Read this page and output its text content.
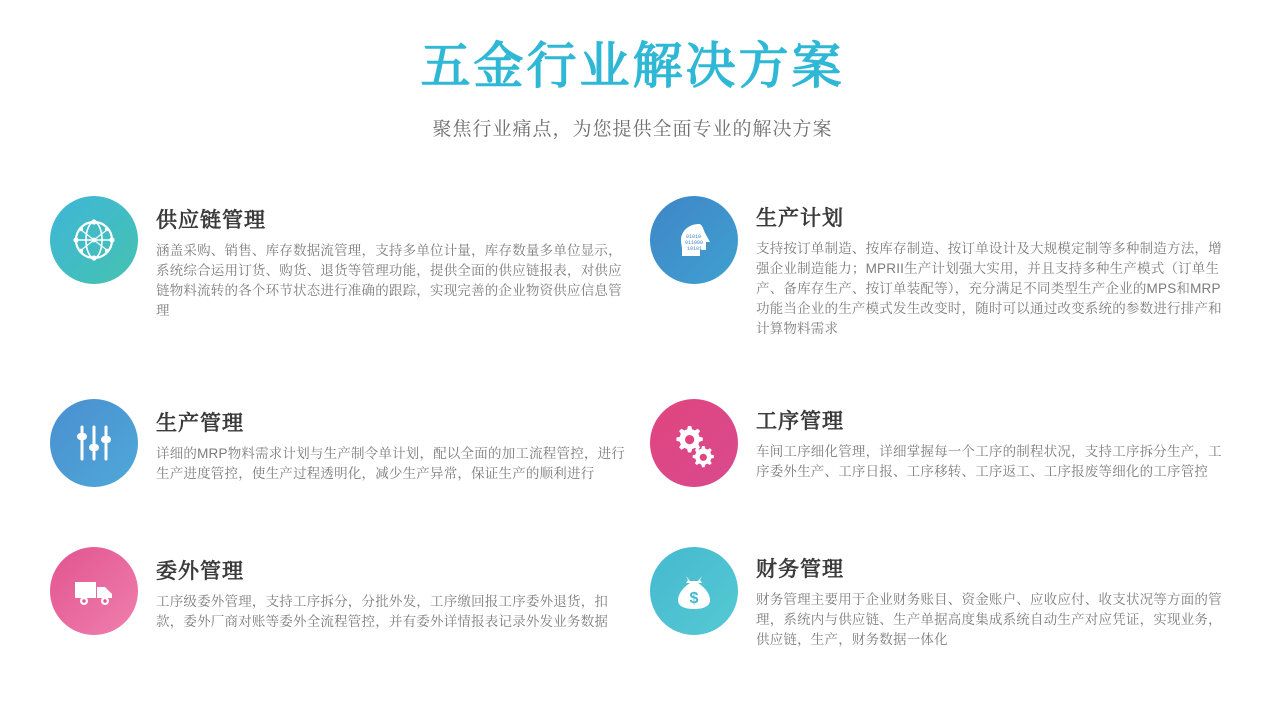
五金行业解决方案

聚焦行业痛点，为您提供全面专业的解决方案

供应链管理

涵盖采购、销售、库存数据流管理，支持多单位计量，库存数量多单位显示，系统综合运用订货、购货、退货等管理功能，提供全面的供应链报表，对供应链物料流转的各个环节状态进行准确的跟踪，实现完善的企业物资供应信息管理

01010
011000
10101
生产计划

支持按订单制造、按库存制造、按订单设计及大规模定制等多种制造方法，增强企业制造能力；MPRII生产计划强大实用，并且支持多种生产模式（订单生产、备库存生产、按订单装配等），充分满足不同类型生产企业的MPS和MRP功能当企业的生产模式发生改变时，随时可以通过改变系统的参数进行排产和计算物料需求

生产管理

详细的MRP物料需求计划与生产制令单计划，配以全面的加工流程管控，进行生产进度管控，使生产过程透明化，减少生产异常，保证生产的顺利进行

工序管理

车间工序细化管理，详细掌握每一个工序的制程状况，支持工序拆分生产，工序委外生产、工序日报、工序移转、工序返工、工序报废等细化的工序管控

委外管理

工序级委外管理，支持工序拆分，分批外发，工序缴回报工序委外退货，扣款，委外厂商对账等委外全流程管控，并有委外详情报表记录外发业务数据

$
财务管理

财务管理主要用于企业财务账目、资金账户、应收应付、收支状况等方面的管理，系统内与供应链、生产单据高度集成系统自动生产对应凭证，实现业务，供应链，生产，财务数据一体化
